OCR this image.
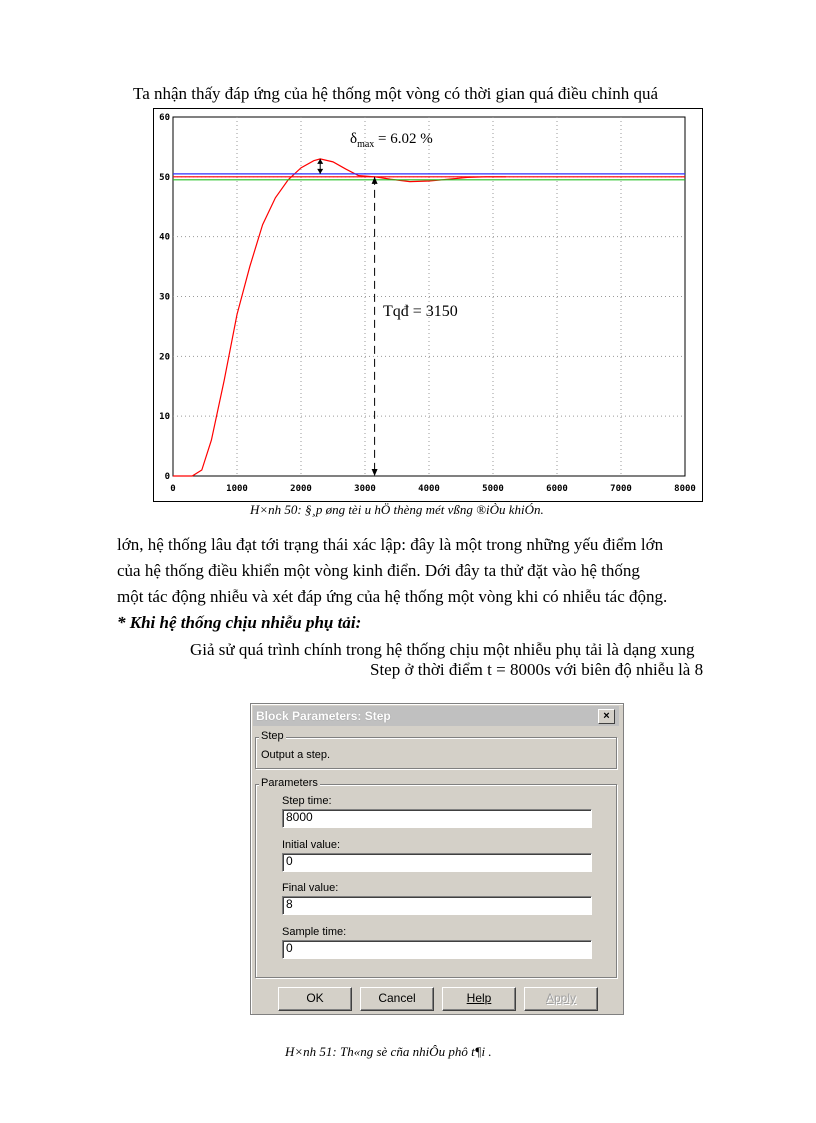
Ta nhận thấy đáp ứng của hệ thống một vòng có thời gian quá điều chỉnh quá
0	1000	2000	3000	4000	5000	6000	7000	8000
0
10
20
30
40
50
60
$\delta_{max} = 6.02$ %
Tqđ = 3150
H×nh 50: §¸p øng tèi u hÖ thèng mét vßng ®iÒu khiÓn.
lớn, hệ thống lâu đạt tới trạng thái xác lập: đây là một trong những yếu điểm lớn
của hệ thống điều khiển một vòng kinh điển. Dới đây ta thử đặt vào hệ thống
một tác động nhiễu và xét đáp ứng của hệ thống một vòng khi có nhiễu tác động.
* Khi hệ thống chịu nhiễu phụ tải:
Giả sử quá trình chính trong hệ thống chịu một nhiễu phụ tải là dạng xung
Step ở thời điểm t = 8000s với biên độ nhiễu là 8
Block Parameters: Step	×
Step
Output a step.
Parameters
Step time:
8000
Initial value:
0
Final value:
8
Sample time:
0
OK	Cancel	Help	Apply
H×nh 51: Th«ng sè cña nhiÔu phô t¶i .
